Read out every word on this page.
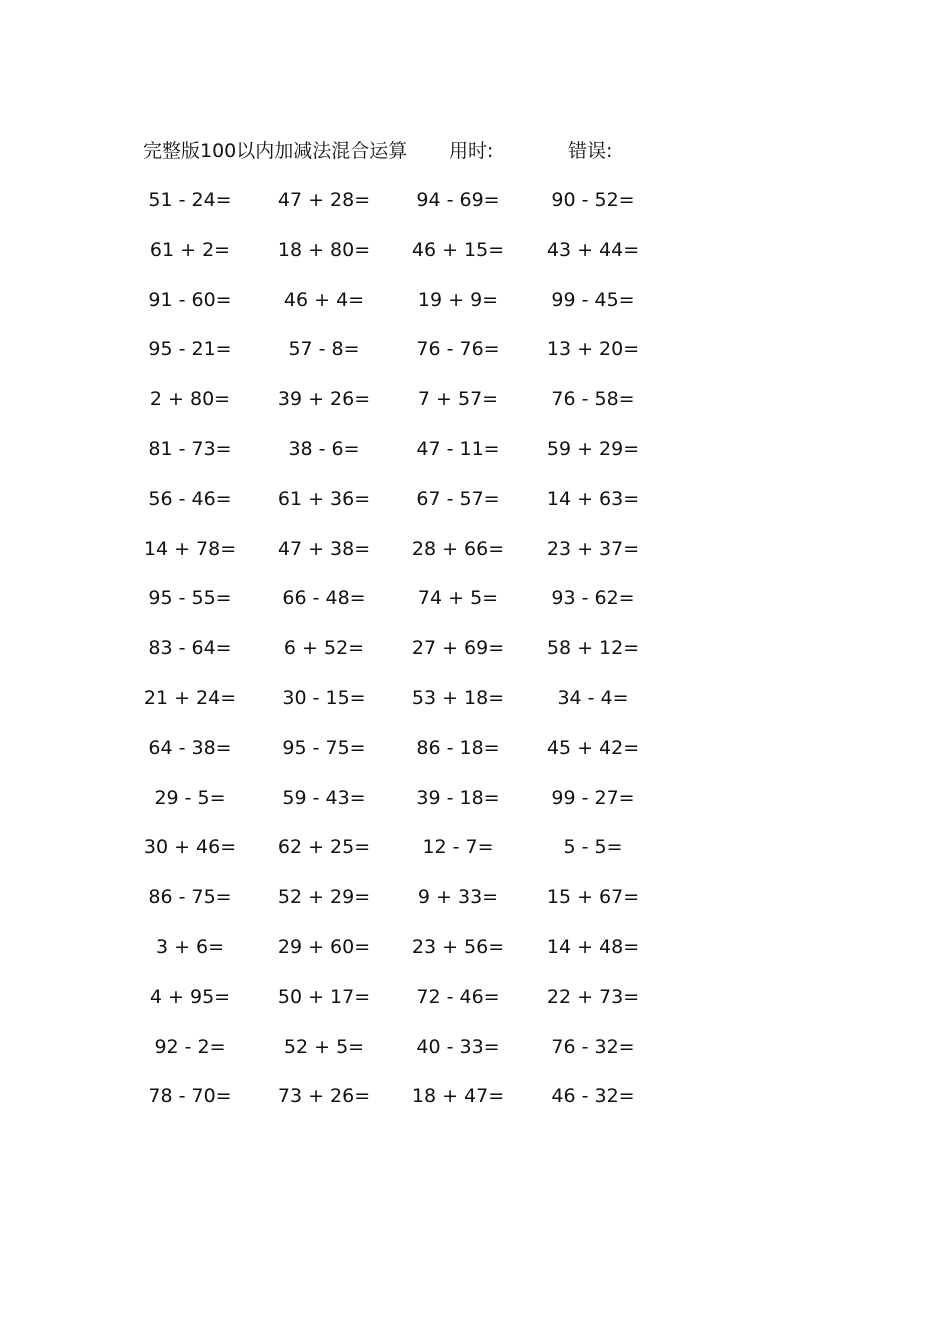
完整版100以内加减法混合运算 用时:	错误:
51 - 24=	47 + 28=	94 - 69=	90 - 52=
61 + 2=	18 + 80=	46 + 15=	43 + 44=
91 - 60=	46 + 4=	19 + 9=	99 - 45=
95 - 21=	57 - 8=	76 - 76=	13 + 20=
2 + 80=	39 + 26=	7 + 57=	76 - 58=
81 - 73=	38 - 6=	47 - 11=	59 + 29=
56 - 46=	61 + 36=	67 - 57=	14 + 63=
14 + 78=	47 + 38=	28 + 66=	23 + 37=
95 - 55=	66 - 48=	74 + 5=	93 - 62=
83 - 64=	6 + 52=	27 + 69=	58 + 12=
21 + 24=	30 - 15=	53 + 18=	34 - 4=
64 - 38=	95 - 75=	86 - 18=	45 + 42=
29 - 5=	59 - 43=	39 - 18=	99 - 27=
30 + 46=	62 + 25=	12 - 7=	5 - 5=
86 - 75=	52 + 29=	9 + 33=	15 + 67=
3 + 6=	29 + 60=	23 + 56=	14 + 48=
4 + 95=	50 + 17=	72 - 46=	22 + 73=
92 - 2=	52 + 5=	40 - 33=	76 - 32=
78 - 70=	73 + 26=	18 + 47=	46 - 32=
